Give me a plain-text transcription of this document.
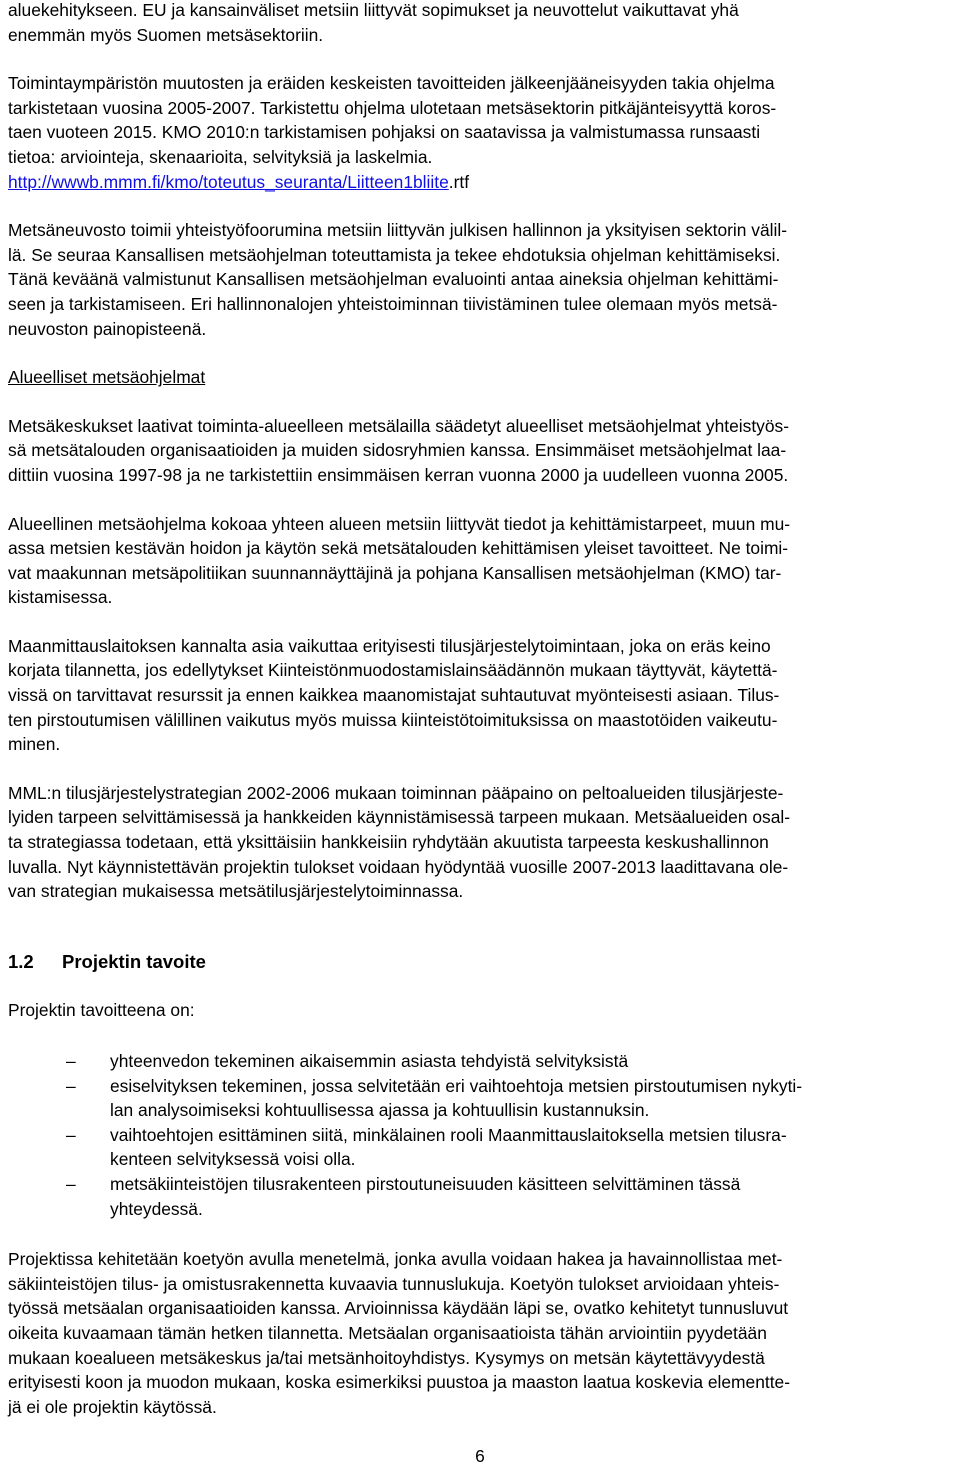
aluekehitykseen. EU ja kansainväliset metsiin liittyvät sopimukset ja neuvottelut vaikuttavat yhä
enemmän myös Suomen metsäsektoriin.

Toimintaympäristön muutosten ja eräiden keskeisten tavoitteiden jälkeenjääneisyyden takia ohjelma
tarkistetaan vuosina 2005-2007. Tarkistettu ohjelma ulotetaan metsäsektorin pitkäjänteisyyttä koros-
taen vuoteen 2015. KMO 2010:n tarkistamisen pohjaksi on saatavissa ja valmistumassa runsaasti
tietoa: arviointeja, skenaarioita, selvityksiä ja laskelmia.
http://wwwb.mmm.fi/kmo/toteutus_seuranta/Liitteen1bliite.rtf

Metsäneuvosto toimii yhteistyöfoorumina metsiin liittyvän julkisen hallinnon ja yksityisen sektorin välil-
lä. Se seuraa Kansallisen metsäohjelman toteuttamista ja tekee ehdotuksia ohjelman kehittämiseksi.
Tänä keväänä valmistunut Kansallisen metsäohjelman evaluointi antaa aineksia ohjelman kehittämi-
seen ja tarkistamiseen. Eri hallinnonalojen yhteistoiminnan tiivistäminen tulee olemaan myös metsä-
neuvoston painopisteenä.

Alueelliset metsäohjelmat

Metsäkeskukset laativat toiminta-alueelleen metsälailla säädetyt alueelliset metsäohjelmat yhteistyös-
sä metsätalouden organisaatioiden ja muiden sidosryhmien kanssa. Ensimmäiset metsäohjelmat laa-
dittiin vuosina 1997-98 ja ne tarkistettiin ensimmäisen kerran vuonna 2000 ja uudelleen vuonna 2005.

Alueellinen metsäohjelma kokoaa yhteen alueen metsiin liittyvät tiedot ja kehittämistarpeet, muun mu-
assa metsien kestävän hoidon ja käytön sekä metsätalouden kehittämisen yleiset tavoitteet. Ne toimi-
vat maakunnan metsäpolitiikan suunnannäyttäjinä ja pohjana Kansallisen metsäohjelman (KMO) tar-
kistamisessa.

Maanmittauslaitoksen kannalta asia vaikuttaa erityisesti tilusjärjestelytoimintaan, joka on eräs keino
korjata tilannetta, jos edellytykset Kiinteistönmuodostamislainsäädännön mukaan täyttyvät, käytettä-
vissä on tarvittavat resurssit ja ennen kaikkea maanomistajat suhtautuvat myönteisesti asiaan. Tilus-
ten pirstoutumisen välillinen vaikutus myös muissa kiinteistötoimituksissa on maastotöiden vaikeutu-
minen.

MML:n tilusjärjestelystrategian 2002-2006 mukaan toiminnan pääpaino on peltoalueiden tilusjärjeste-
lyiden tarpeen selvittämisessä ja hankkeiden käynnistämisessä tarpeen mukaan. Metsäalueiden osal-
ta strategiassa todetaan, että yksittäisiin hankkeisiin ryhdytään akuutista tarpeesta keskushallinnon
luvalla. Nyt käynnistettävän projektin tulokset voidaan hyödyntää vuosille 2007-2013 laadittavana ole-
van strategian mukaisessa metsätilusjärjestelytoiminnassa.

1.2	Projektin tavoite

Projektin tavoitteena on:

– yhteenvedon tekeminen aikaisemmin asiasta tehdyistä selvityksistä
– esiselvityksen tekeminen, jossa selvitetään eri vaihtoehtoja metsien pirstoutumisen nykyti-
lan analysoimiseksi kohtuullisessa ajassa ja kohtuullisin kustannuksin.
– vaihtoehtojen esittäminen siitä, minkälainen rooli Maanmittauslaitoksella metsien tilusra-
kenteen selvityksessä voisi olla.
– metsäkiinteistöjen tilusrakenteen pirstoutuneisuuden käsitteen selvittäminen tässä
yhteydessä.

Projektissa kehitetään koetyön avulla menetelmä, jonka avulla voidaan hakea ja havainnollistaa met-
säkiinteistöjen tilus- ja omistusrakennetta kuvaavia tunnuslukuja. Koetyön tulokset arvioidaan yhteis-
työssä metsäalan organisaatioiden kanssa. Arvioinnissa käydään läpi se, ovatko kehitetyt tunnusluvut
oikeita kuvaamaan tämän hetken tilannetta. Metsäalan organisaatioista tähän arviointiin pyydetään
mukaan koealueen metsäkeskus ja/tai metsänhoitoyhdistys. Kysymys on metsän käytettävyydestä
erityisesti koon ja muodon mukaan, koska esimerkiksi puustoa ja maaston laatua koskevia elementte-
jä ei ole projektin käytössä.

6
